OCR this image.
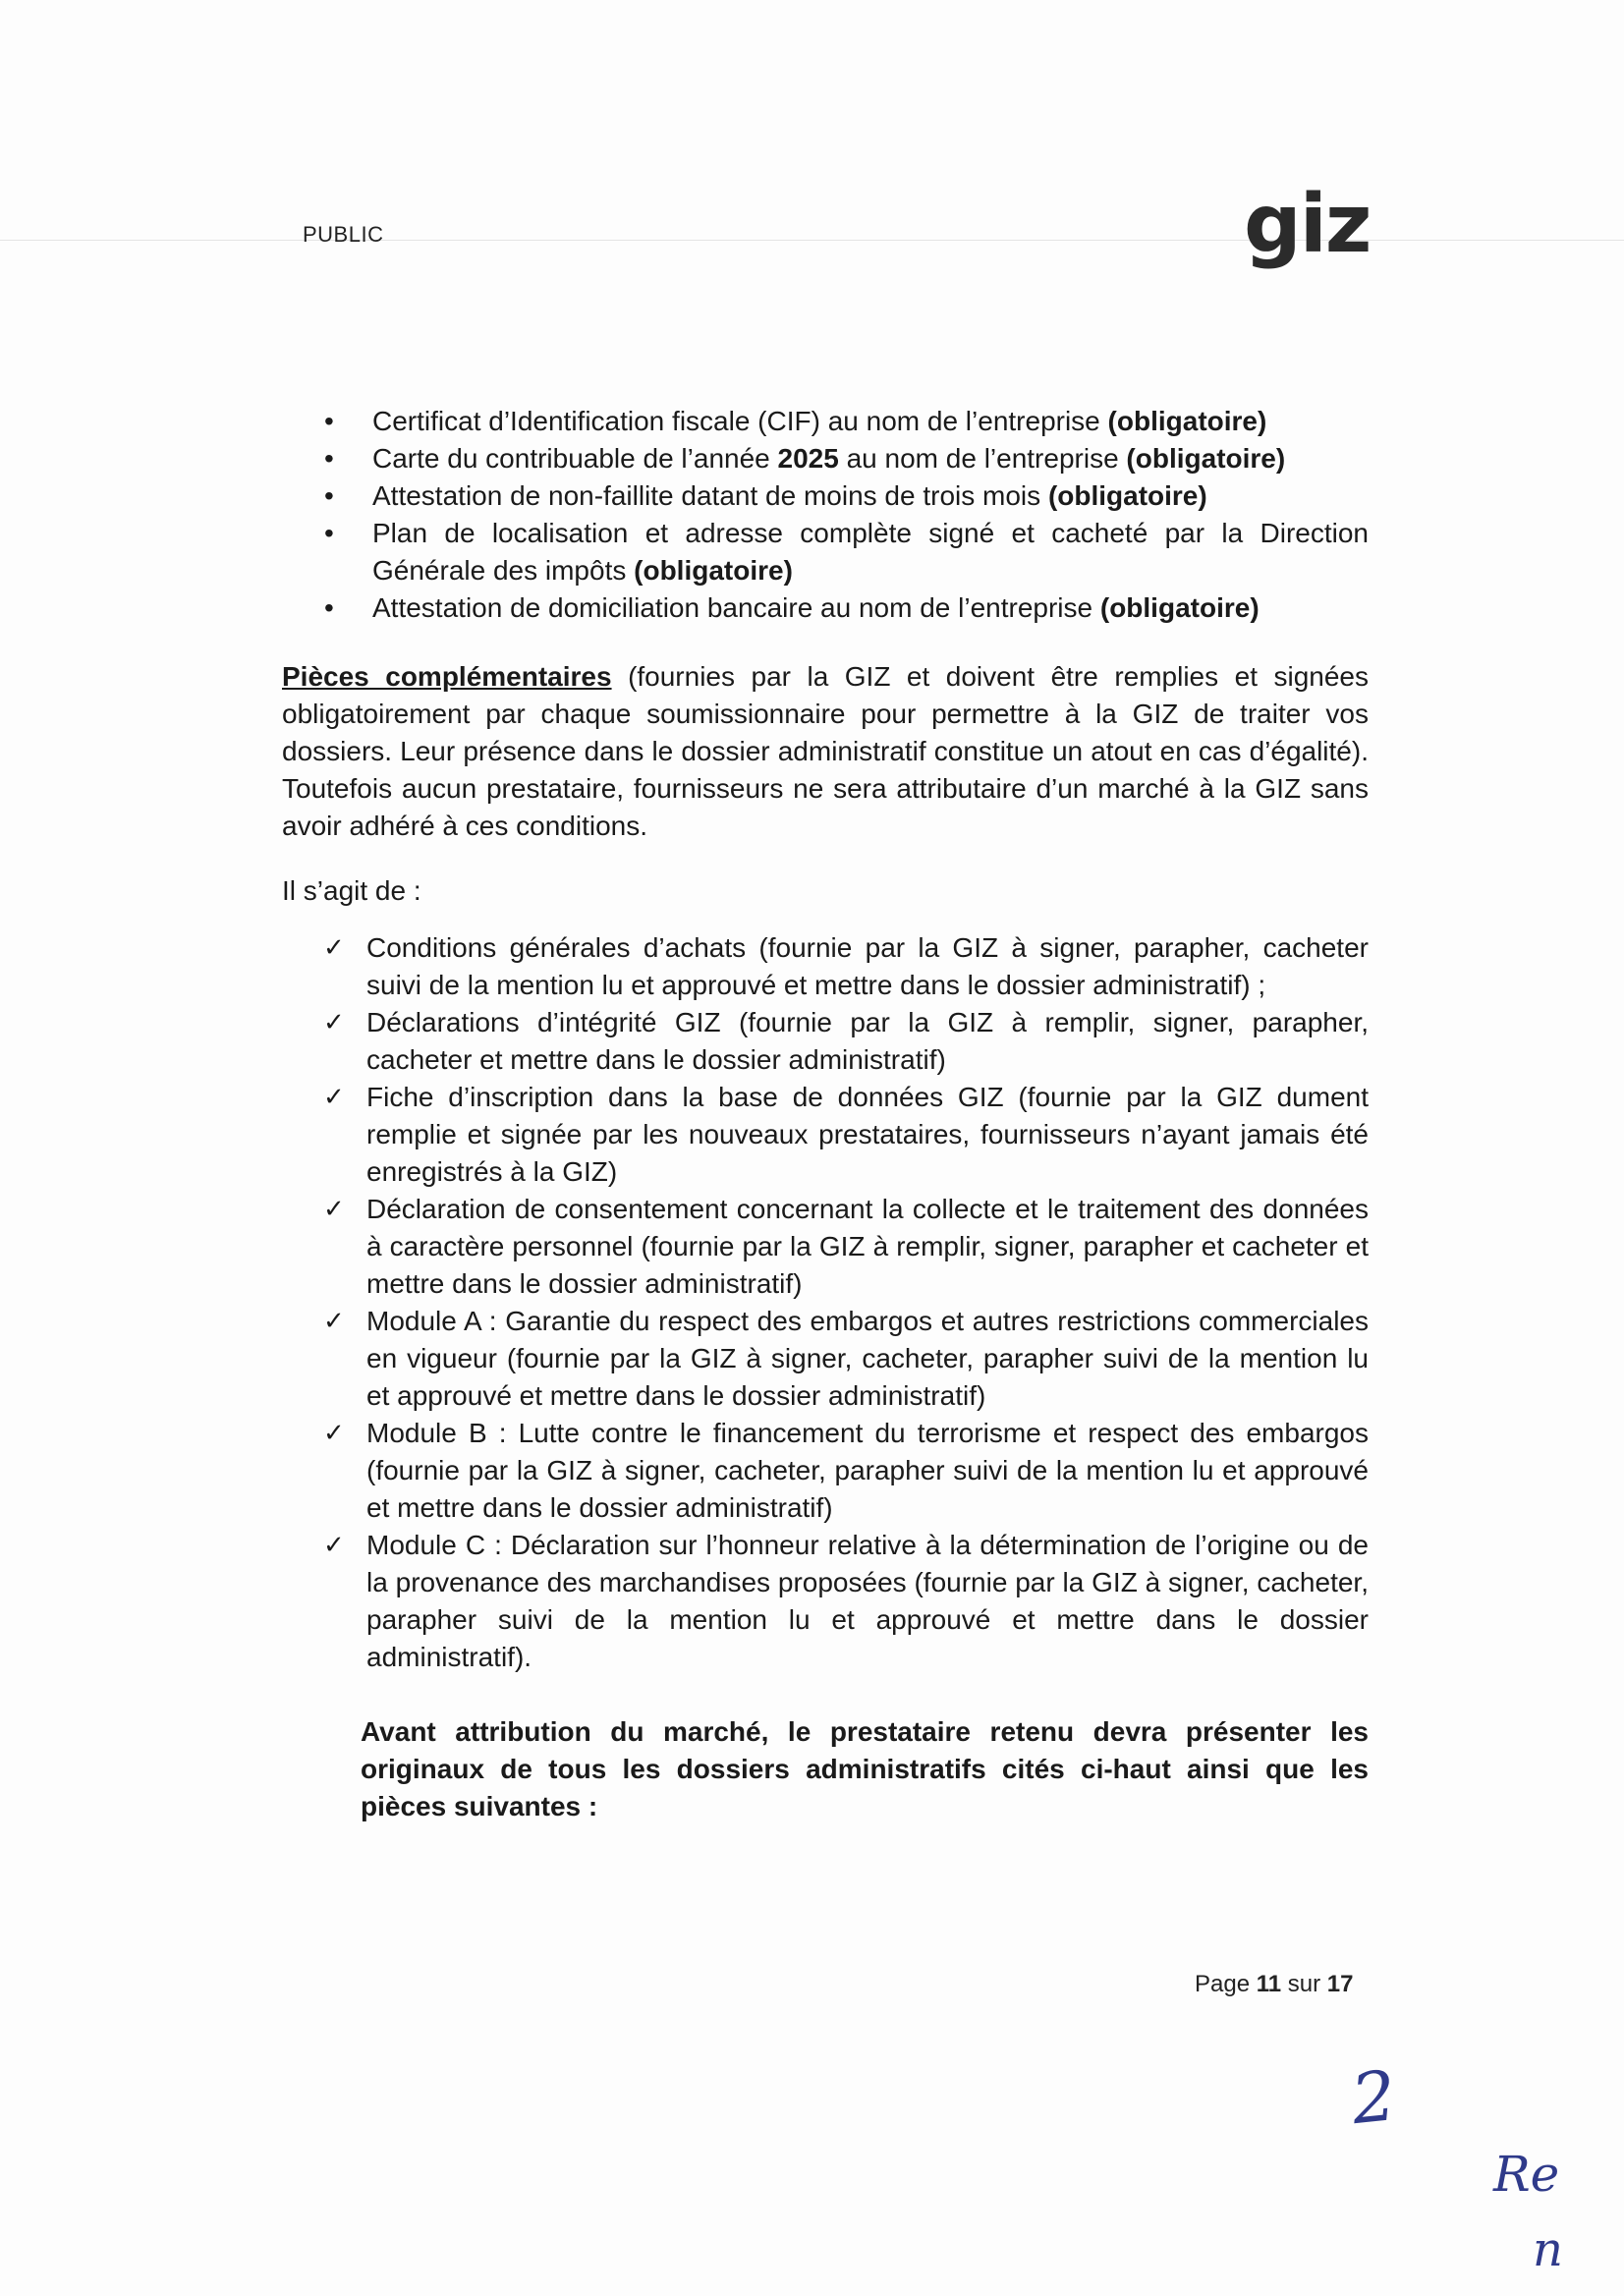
PUBLIC	giz
• Certificat d’Identification fiscale (CIF) au nom de l’entreprise (obligatoire)
• Carte du contribuable de l’année 2025 au nom de l’entreprise (obligatoire)
• Attestation de non-faillite datant de moins de trois mois (obligatoire)
• Plan de localisation et adresse complète signé et cacheté par la Direction Générale des impôts (obligatoire)
• Attestation de domiciliation bancaire au nom de l’entreprise (obligatoire)

Pièces complémentaires (fournies par la GIZ et doivent être remplies et signées obligatoirement par chaque soumissionnaire pour permettre à la GIZ de traiter vos dossiers. Leur présence dans le dossier administratif constitue un atout en cas d’égalité). Toutefois aucun prestataire, fournisseurs ne sera attributaire d’un marché à la GIZ sans avoir adhéré à ces conditions.

Il s’agit de :
✓ Conditions générales d’achats (fournie par la GIZ à signer, parapher, cacheter suivi de la mention lu et approuvé et mettre dans le dossier administratif) ;
✓ Déclarations d’intégrité GIZ (fournie par la GIZ à remplir, signer, parapher, cacheter et mettre dans le dossier administratif)
✓ Fiche d’inscription dans la base de données GIZ (fournie par la GIZ dument remplie et signée par les nouveaux prestataires, fournisseurs n’ayant jamais été enregistrés à la GIZ)
✓ Déclaration de consentement concernant la collecte et le traitement des données à caractère personnel (fournie par la GIZ à remplir, signer, parapher et cacheter et mettre dans le dossier administratif)
✓ Module A : Garantie du respect des embargos et autres restrictions commerciales en vigueur (fournie par la GIZ à signer, cacheter, parapher suivi de la mention lu et approuvé et mettre dans le dossier administratif)
✓ Module B : Lutte contre le financement du terrorisme et respect des embargos (fournie par la GIZ à signer, cacheter, parapher suivi de la mention lu et approuvé et mettre dans le dossier administratif)
✓ Module C : Déclaration sur l’honneur relative à la détermination de l’origine ou de la provenance des marchandises proposées (fournie par la GIZ à signer, cacheter, parapher suivi de la mention lu et approuvé et mettre dans le dossier administratif).

Avant attribution du marché, le prestataire retenu devra présenter les originaux de tous les dossiers administratifs cités ci-haut ainsi que les pièces suivantes :

Page 11 sur 17
2
Re
n
